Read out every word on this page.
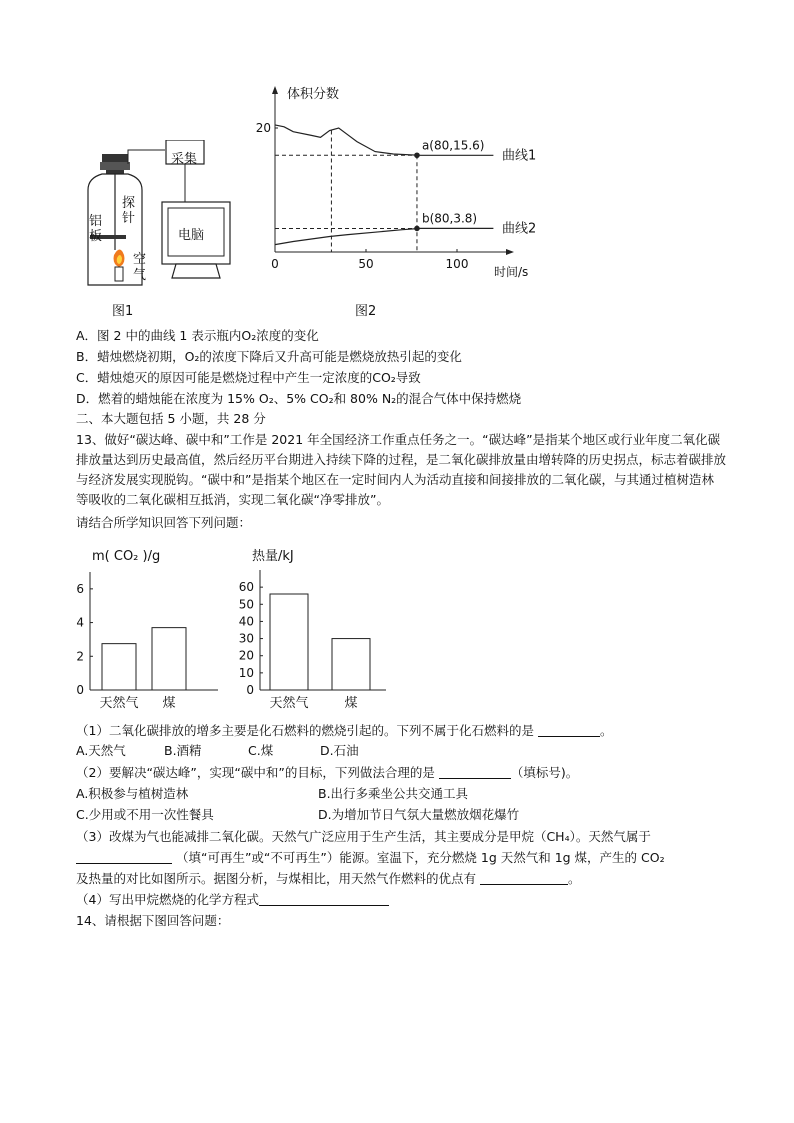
采集
探针
铝板
空
气
电脑
图1
体积分数
时间/s
0	50	100
20
曲线1
曲线2
a(80,15.6)
b(80,3.8)
图2
A．图 2 中的曲线 1 表示瓶内O₂浓度的变化
B．蜡烛燃烧初期，O₂的浓度下降后又升高可能是燃烧放热引起的变化
C．蜡烛熄灭的原因可能是燃烧过程中产生一定浓度的CO₂导致
D．燃着的蜡烛能在浓度为 15% O₂、5% CO₂和 80% N₂的混合气体中保持燃烧
二、本大题包括 5 小题，共 28 分
13、做好“碳达峰、碳中和”工作是 2021 年全国经济工作重点任务之一。“碳达峰”是指某个地区或行业年度二氧化碳排放量达到历史最高值，然后经历平台期进入持续下降的过程，是二氧化碳排放量由增转降的历史拐点，标志着碳排放与经济发展实现脱钩。“碳中和”是指某个地区在一定时间内人为活动直接和间接排放的二氧化碳，与其通过植树造林等吸收的二氧化碳相互抵消，实现二氧化碳“净零排放”。
请结合所学知识回答下列问题：
m( CO₂ )/g
0
2
4
6
天然气 煤
热量/kJ
0
10
20
30
40
50
60
天然气	煤
（1）二氧化碳排放的增多主要是化石燃料的燃烧引起的。下列不属于化石燃料的是	。
A.天然气	B.酒精	C.煤	D.石油
（2）要解决“碳达峰”，实现“碳中和”的目标，下列做法合理的是	（填标号)。
A.积极参与植树造林	B.出行多乘坐公共交通工具
C.少用或不用一次性餐具	D.为增加节日气氛大量燃放烟花爆竹
（3）改煤为气也能减排二氧化碳。天然气广泛应用于生产生活，其主要成分是甲烷（CH₄）。天然气属于
（填“可再生”或“不可再生”）能源。室温下，充分燃烧 1g 天然气和 1g 煤，产生的 CO₂
及热量的对比如图所示。据图分析，与煤相比，用天然气作燃料的优点有	。
（4）写出甲烷燃烧的化学方程式
14、请根据下图回答问题：
